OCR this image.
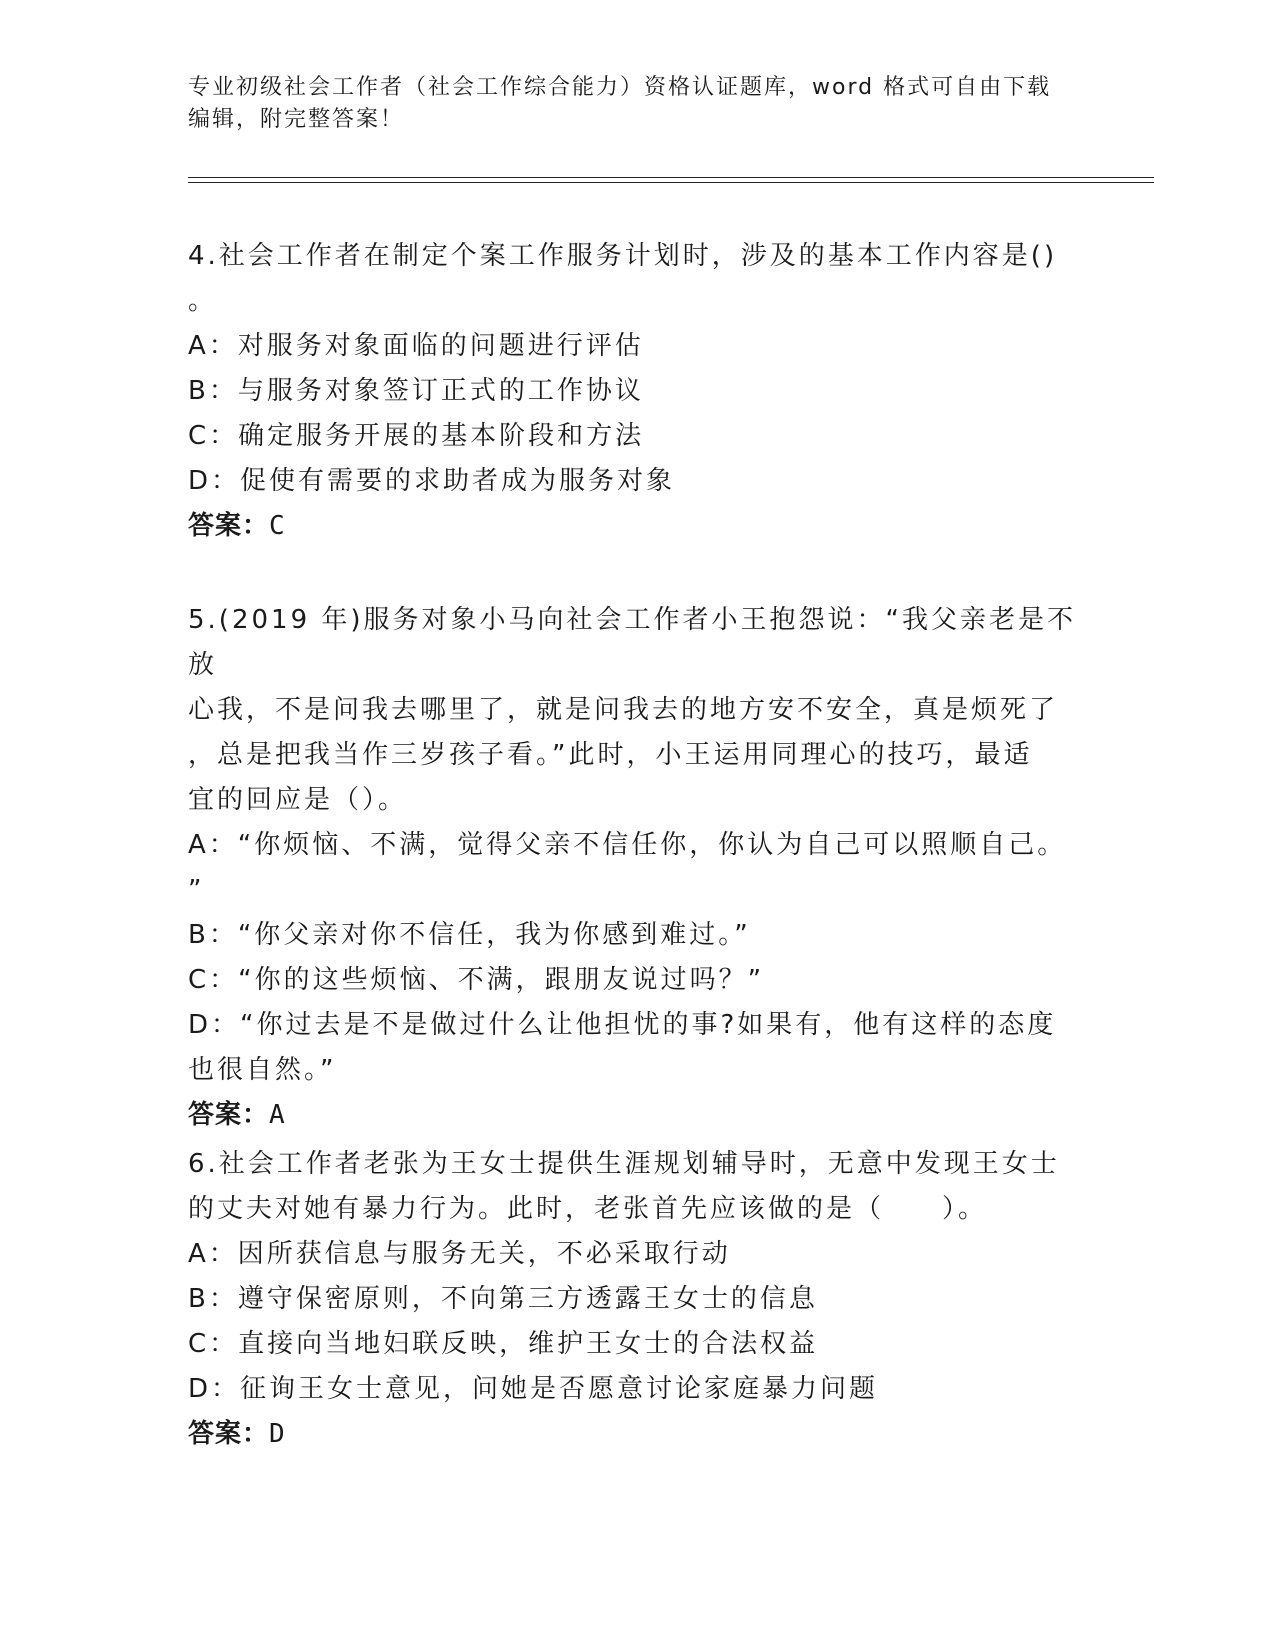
专业初级社会工作者（社会工作综合能力）资格认证题库，word 格式可自由下载
编辑，附完整答案！
4.社会工作者在制定个案工作服务计划时，涉及的基本工作内容是()
。
A：对服务对象面临的问题进行评估
B：与服务对象签订正式的工作协议
C：确定服务开展的基本阶段和方法
D：促使有需要的求助者成为服务对象
答案：C
5.(2019 年)服务对象小马向社会工作者小王抱怨说：“我父亲老是不放
心我，不是问我去哪里了，就是问我去的地方安不安全，真是烦死了
，总是把我当作三岁孩子看。”此时，小王运用同理心的技巧，最适
宜的回应是（）。
A：“你烦恼、不满，觉得父亲不信任你，你认为自己可以照顺自己。
”
B：“你父亲对你不信任，我为你感到难过。”
C：“你的这些烦恼、不满，跟朋友说过吗？”
D：“你过去是不是做过什么让他担忧的事?如果有，他有这样的态度
也很自然。”
答案：A
6.社会工作者老张为王女士提供生涯规划辅导时，无意中发现王女士
的丈夫对她有暴力行为。此时，老张首先应该做的是（　　）。
A：因所获信息与服务无关，不必采取行动
B：遵守保密原则，不向第三方透露王女士的信息
C：直接向当地妇联反映，维护王女士的合法权益
D：征询王女士意见，问她是否愿意讨论家庭暴力问题
答案：D
